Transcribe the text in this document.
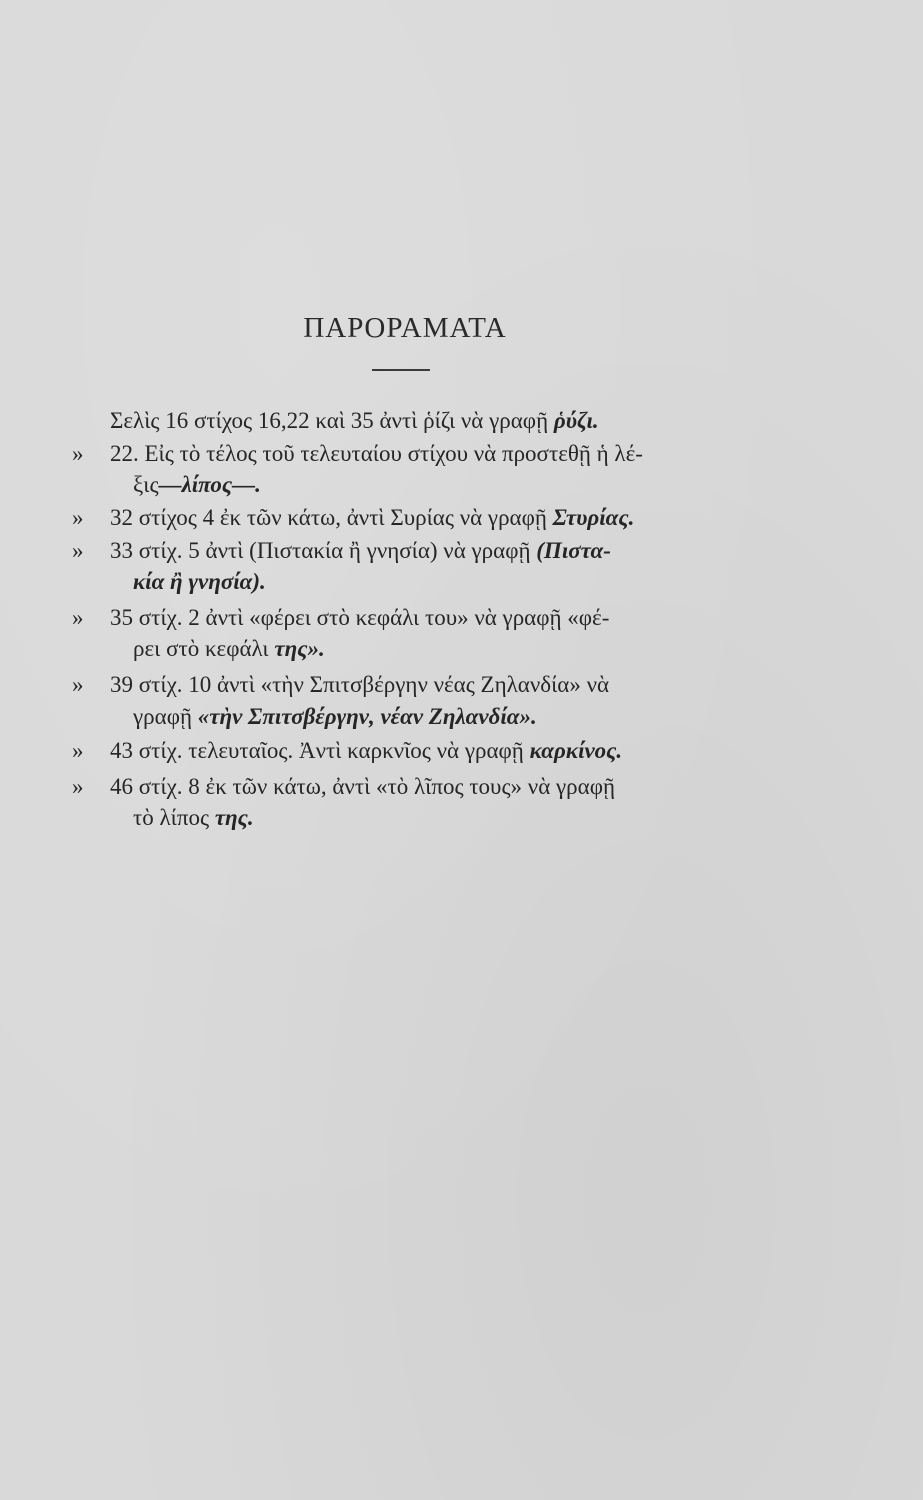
ΠΑΡΟΡΑΜΑΤΑ
Σελὶς 16 στίχος 16,22 καὶ 35 ἀντὶ ῥίζι νὰ γραφῇ ῥύζι.
» 22. Εἰς τὸ τέλος τοῦ τελευταίου στίχου νὰ προστεθῇ ἡ λέ-
ξις—λίπος—.
» 32 στίχος 4 ἐκ τῶν κάτω, ἀντὶ Συρίας νὰ γραφῇ Στυρίας.
» 33 στίχ. 5 ἀντὶ (Πιστακία ἢ γνησία) νὰ γραφῇ (Πιστα-
κία ἢ γνησία).
» 35 στίχ. 2 ἀντὶ «φέρει στὸ κεφάλι του» νὰ γραφῇ «φέ-
ρει στὸ κεφάλι της».
» 39 στίχ. 10 ἀντὶ «τὴν Σπιτσβέργην νέας Ζηλανδία» νὰ
γραφῇ «τὴν Σπιτσβέργην, νέαν Ζηλανδία».
» 43 στίχ. τελευταῖος. Ἀντὶ καρκνῖος νὰ γραφῇ καρκίνος.
» 46 στίχ. 8 ἐκ τῶν κάτω, ἀντὶ «τὸ λῖπος τους» νὰ γραφῇ
τὸ λίπος της.
